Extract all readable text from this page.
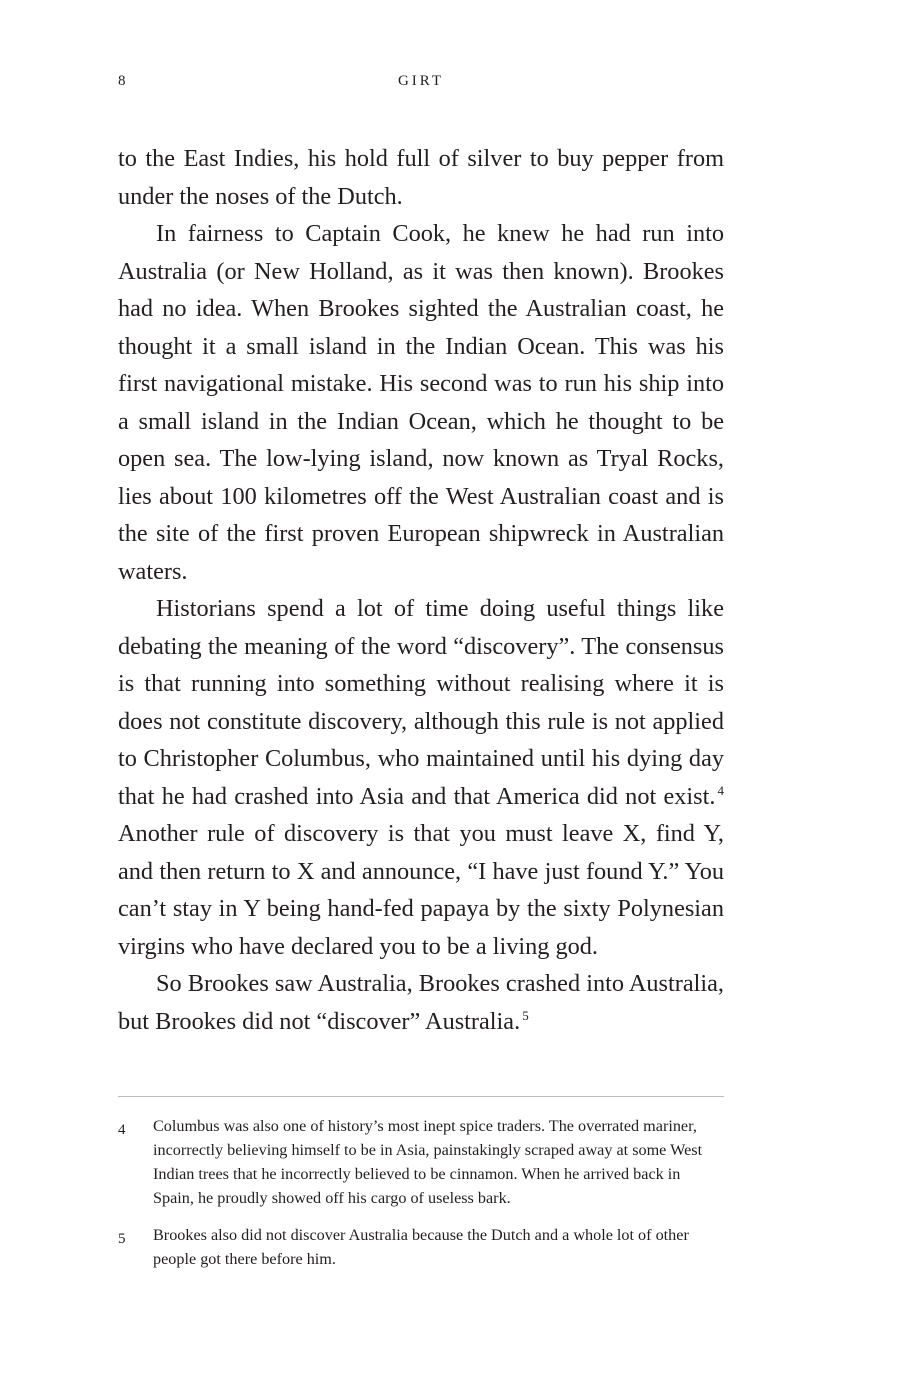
8	GIRT

to the East Indies, his hold full of silver to buy pepper from under the noses of the Dutch.

In fairness to Captain Cook, he knew he had run into Australia (or New Holland, as it was then known). Brookes had no idea. When Brookes sighted the Australian coast, he thought it a small island in the Indian Ocean. This was his first navigational mistake. His second was to run his ship into a small island in the Indian Ocean, which he thought to be open sea. The low-lying island, now known as Tryal Rocks, lies about 100 kilometres off the West Australian coast and is the site of the first proven European shipwreck in Australian waters.

Historians spend a lot of time doing useful things like debating the meaning of the word “discovery”. The consensus is that running into something without realising where it is does not constitute discovery, although this rule is not applied to Christopher Columbus, who maintained until his dying day that he had crashed into Asia and that America did not exist.  $^4$ Another rule of discovery is that you must leave X, find Y, and then return to X and announce, “I have just found Y.” You can’t stay in Y being hand-fed papaya by the sixty Polynesian virgins who have declared you to be a living god.

So Brookes saw Australia, Brookes crashed into Australia, but Brookes did not “discover” Australia.  $^5$

4	Columbus was also one of history’s most inept spice traders. The overrated mariner, incorrectly believing himself to be in Asia, painstakingly scraped away at some West Indian trees that he incorrectly believed to be cinnamon. When he arrived back in Spain, he proudly showed off his cargo of useless bark.
5	Brookes also did not discover Australia because the Dutch and a whole lot of other people got there before him.
